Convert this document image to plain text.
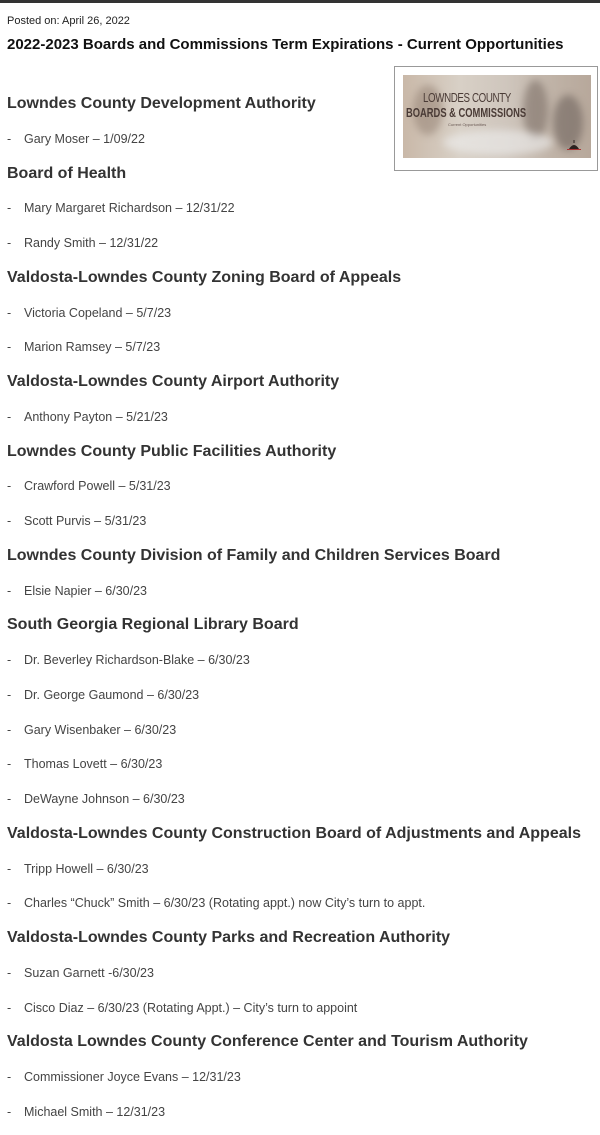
Posted on: April 26, 2022
2022-2023 Boards and Commissions Term Expirations - Current Opportunities
LOWNDES COUNTY
BOARDS & COMMISSIONS
Current Opportunities
Lowndes County Development Authority
- Gary Moser – 1/09/22
Board of Health
- Mary Margaret Richardson – 12/31/22
- Randy Smith – 12/31/22
Valdosta-Lowndes County Zoning Board of Appeals
- Victoria Copeland – 5/7/23
- Marion Ramsey – 5/7/23
Valdosta-Lowndes County Airport Authority
- Anthony Payton – 5/21/23
Lowndes County Public Facilities Authority
- Crawford Powell – 5/31/23
- Scott Purvis – 5/31/23
Lowndes County Division of Family and Children Services Board
- Elsie Napier – 6/30/23
South Georgia Regional Library Board
- Dr. Beverley Richardson-Blake – 6/30/23
- Dr. George Gaumond – 6/30/23
- Gary Wisenbaker – 6/30/23
- Thomas Lovett – 6/30/23
- DeWayne Johnson – 6/30/23
Valdosta-Lowndes County Construction Board of Adjustments and Appeals
- Tripp Howell – 6/30/23
- Charles “Chuck” Smith – 6/30/23 (Rotating appt.) now City’s turn to appt.
Valdosta-Lowndes County Parks and Recreation Authority
- Suzan Garnett -6/30/23
- Cisco Diaz – 6/30/23 (Rotating Appt.) – City’s turn to appoint
Valdosta Lowndes County Conference Center and Tourism Authority
- Commissioner Joyce Evans – 12/31/23
- Michael Smith – 12/31/23
